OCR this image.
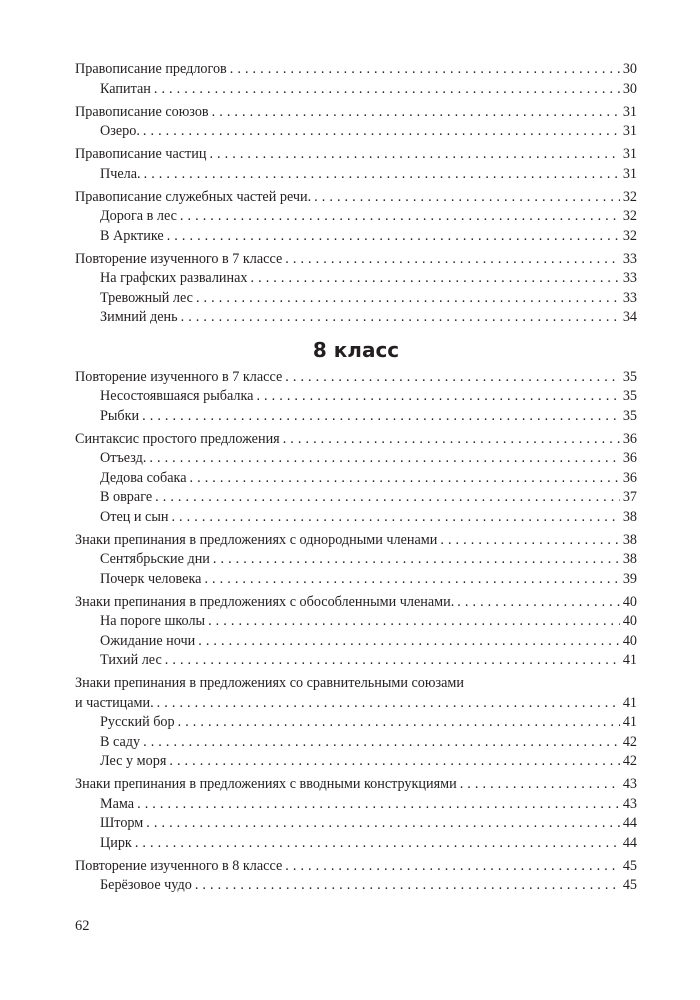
Правописание предлогов . . .	30
Капитан . . .	30
Правописание союзов . . .	31
Озеро. . . .	31
Правописание частиц . . .	31
Пчела. . . .	31
Правописание служебных частей речи. . . .	32
Дорога в лес . . .	32
В Арктике . . .	32
Повторение изученного в 7 классе . . .	33
На графских развалинах . . .	33
Тревожный лес . . .	33
Зимний день . . .	34
8 класс
Повторение изученного в 7 классе . . .	35
Несостоявшаяся рыбалка . . .	35
Рыбки . . .	35
Синтаксис простого предложения . . .	36
Отъезд. . . .	36
Дедова собака . . .	36
В овраге . . .	37
Отец и сын . . .	38
Знаки препинания в предложениях с однородными членами . . .	38
Сентябрьские дни . . .	38
Почерк человека . . .	39
Знаки препинания в предложениях с обособленными членами. . . .	40
На пороге школы . . .	40
Ожидание ночи . . .	40
Тихий лес . . .	41
Знаки препинания в предложениях со сравнительными союзами
и частицами. . . .	41
Русский бор . . .	41
В саду . . .	42
Лес у моря . . .	42
Знаки препинания в предложениях с вводными конструкциями . . .	43
Мама . . .	43
Шторм . . .	44
Цирк . . .	44
Повторение изученного в 8 классе . . .	45
Берёзовое чудо . . .	45
62
